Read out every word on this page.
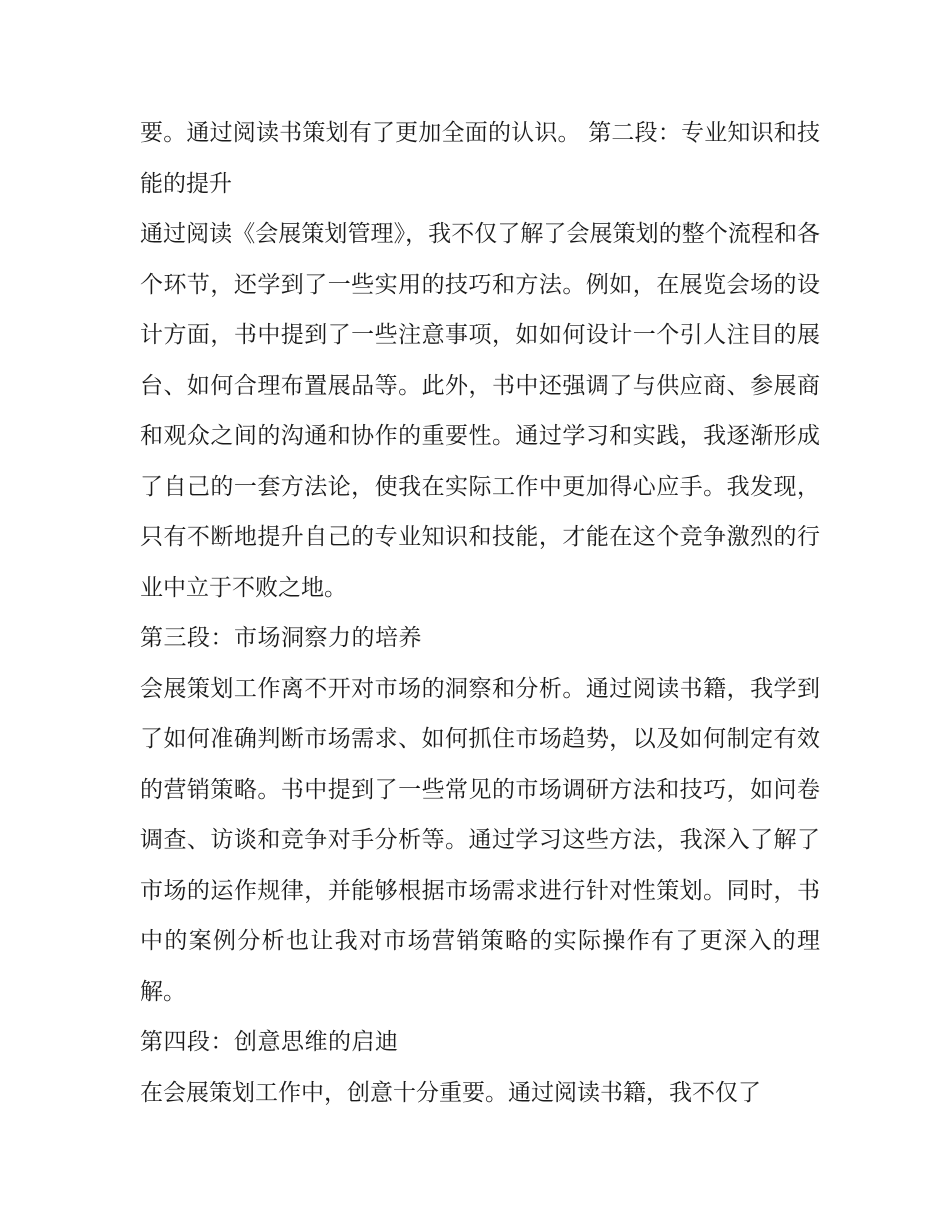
要。通过阅读书策划有了更加全面的认识。 第二段：专业知识和技能的提升

通过阅读《会展策划管理》，我不仅了解了会展策划的整个流程和各个环节，还学到了一些实用的技巧和方法。例如，在展览会场的设计方面，书中提到了一些注意事项，如如何设计一个引人注目的展台、如何合理布置展品等。此外，书中还强调了与供应商、参展商和观众之间的沟通和协作的重要性。通过学习和实践，我逐渐形成了自己的一套方法论，使我在实际工作中更加得心应手。我发现，只有不断地提升自己的专业知识和技能，才能在这个竞争激烈的行业中立于不败之地。

第三段：市场洞察力的培养

会展策划工作离不开对市场的洞察和分析。通过阅读书籍，我学到了如何准确判断市场需求、如何抓住市场趋势，以及如何制定有效的营销策略。书中提到了一些常见的市场调研方法和技巧，如问卷调查、访谈和竞争对手分析等。通过学习这些方法，我深入了解了市场的运作规律，并能够根据市场需求进行针对性策划。同时，书中的案例分析也让我对市场营销策略的实际操作有了更深入的理解。

第四段：创意思维的启迪

在会展策划工作中，创意十分重要。通过阅读书籍，我不仅了
